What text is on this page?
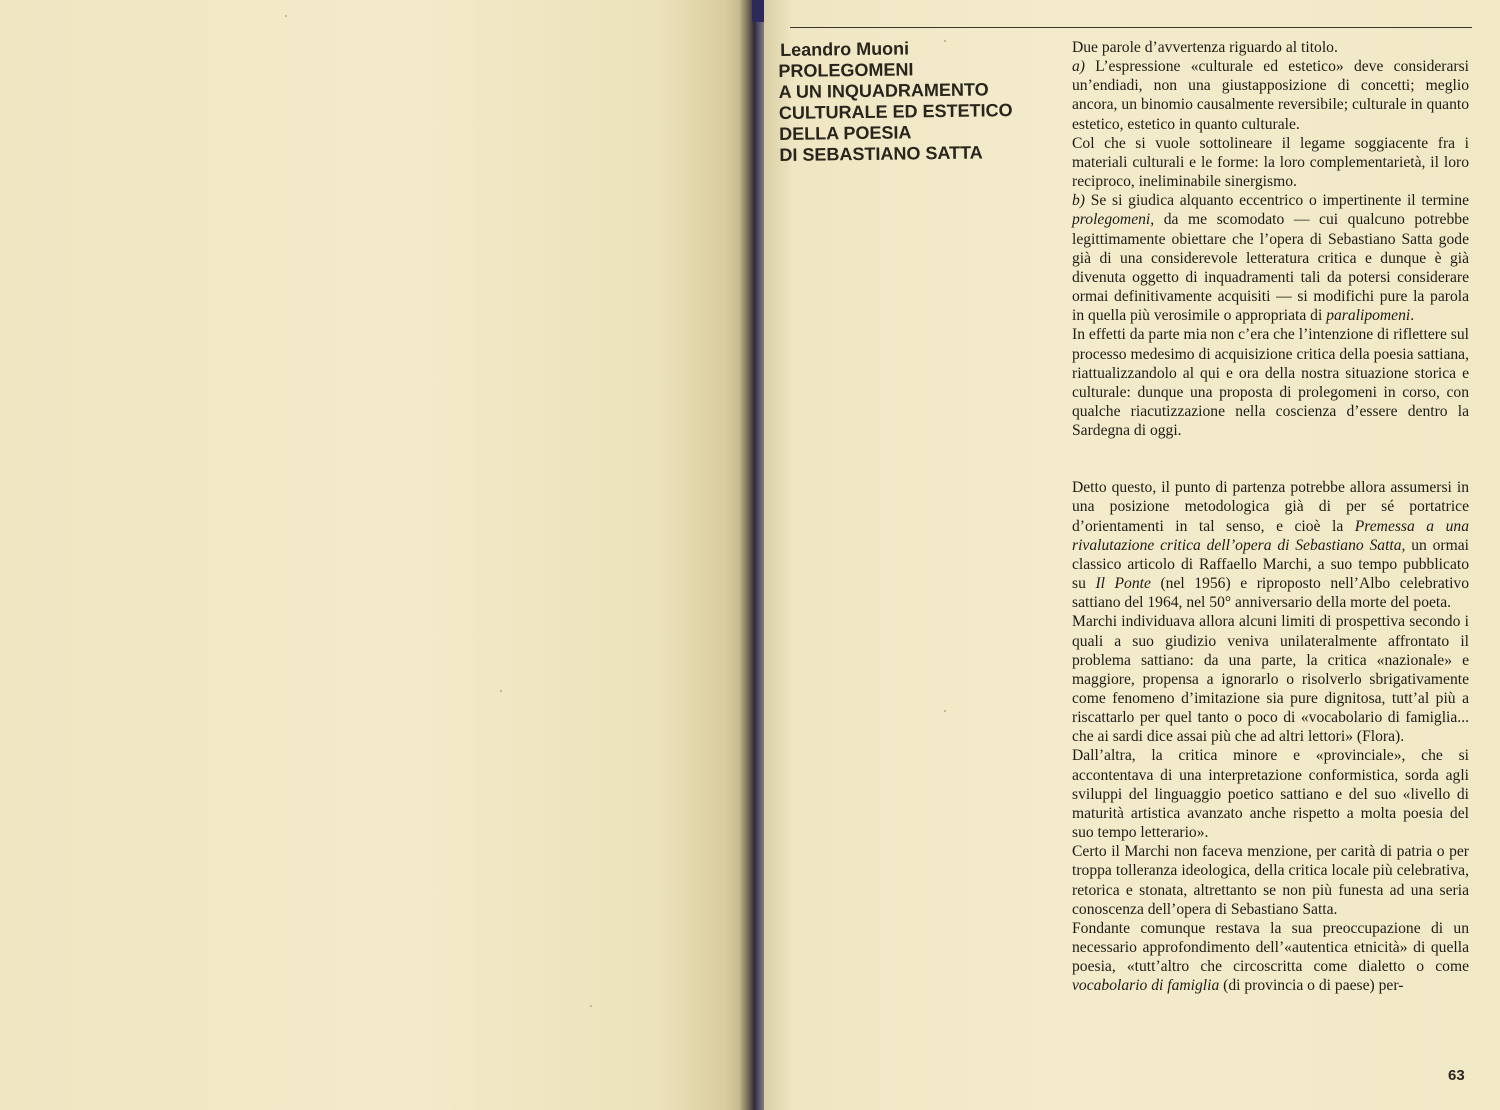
Leandro Muoni
PROLEGOMENI
A UN INQUADRAMENTO
CULTURALE ED ESTETICO
DELLA POESIA
DI SEBASTIANO SATTA

Due parole d’avvertenza riguardo al titolo.

a) L’espressione «culturale ed estetico» deve considerarsi un’endiadi, non una giustapposizione di concetti; meglio ancora, un binomio causalmente reversibile; culturale in quanto estetico, estetico in quanto culturale.

Col che si vuole sottolineare il legame soggiacente fra i materiali culturali e le forme: la loro complementarietà, il loro reciproco, ineliminabile sinergismo.

b) Se si giudica alquanto eccentrico o impertinente il termine prolegomeni, da me scomodato — cui qualcuno potrebbe legittimamente obiettare che l’opera di Sebastiano Satta gode già di una considerevole letteratura critica e dunque è già divenuta oggetto di inquadramenti tali da potersi considerare ormai definitivamente acquisiti — si modifichi pure la parola in quella più verosimile o appropriata di paralipomeni.

In effetti da parte mia non c’era che l’intenzione di riflettere sul processo medesimo di acquisizione critica della poesia sattiana, riattualizzandolo al qui e ora della nostra situazione storica e culturale: dunque una proposta di prolegomeni in corso, con qualche riacutizzazione nella coscienza d’essere dentro la Sardegna di oggi.

Detto questo, il punto di partenza potrebbe allora assumersi in una posizione metodologica già di per sé portatrice d’orientamenti in tal senso, e cioè la Premessa a una rivalutazione critica dell’opera di Sebastiano Satta, un ormai classico articolo di Raffaello Marchi, a suo tempo pubblicato su Il Ponte (nel 1956) e riproposto nell’Albo celebrativo sattiano del 1964, nel 50° anniversario della morte del poeta.

Marchi individuava allora alcuni limiti di prospettiva secondo i quali a suo giudizio veniva unilateralmente affrontato il problema sattiano: da una parte, la critica «nazionale» e maggiore, propensa a ignorarlo o risolverlo sbrigativamente come fenomeno d’imitazione sia pure dignitosa, tutt’al più a riscattarlo per quel tanto o poco di «vocabolario di famiglia... che ai sardi dice assai più che ad altri lettori» (Flora).

Dall’altra, la critica minore e «provinciale», che si accontentava di una interpretazione conformistica, sorda agli sviluppi del linguaggio poetico sattiano e del suo «livello di maturità artistica avanzato anche rispetto a molta poesia del suo tempo letterario».

Certo il Marchi non faceva menzione, per carità di patria o per troppa tolleranza ideologica, della critica locale più celebrativa, retorica e stonata, altrettanto se non più funesta ad una seria conoscenza dell’opera di Sebastiano Satta.

Fondante comunque restava la sua preoccupazione di un necessario approfondimento dell’«autentica etnicità» di quella poesia, «tutt’altro che circoscritta come dialetto o come vocabolario di famiglia (di provincia o di paese) per-

63
